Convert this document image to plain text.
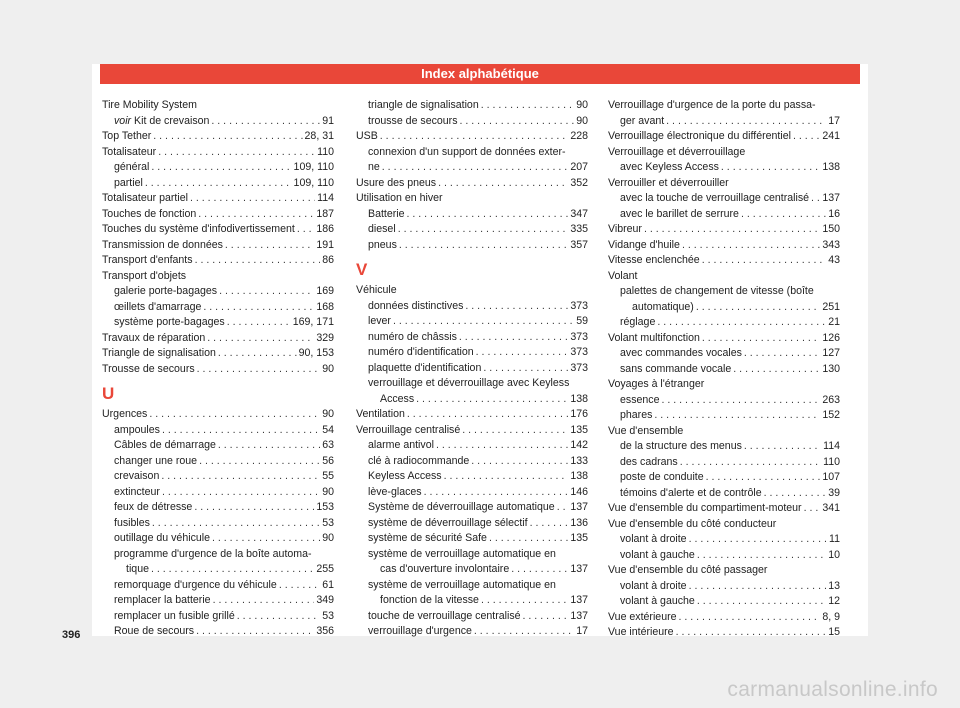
Index alphabétique
Tire Mobility System
voir Kit de crevaison . . .	91
Top Tether . . .	28, 31
Totalisateur . . .	110
général . . .	109, 110
partiel . . .	109, 110
Totalisateur partiel . . .	114
Touches de fonction . . .	187
Touches du système d'infodivertissement . . . 186
Transmission de données . . .	191
Transport d'enfants . . .	86
Transport d'objets
galerie porte-bagages . . .	169
œillets d'amarrage . . .	168
système porte-bagages . . .	169, 171
Travaux de réparation . . .	329
Triangle de signalisation . . .	90, 153
Trousse de secours . . .	90
U
Urgences . . .	90
ampoules . . .	54
Câbles de démarrage . . .	63
changer une roue . . .	56
crevaison . . .	55
extincteur . . .	90
feux de détresse . . .	153
fusibles . . .	53
outillage du véhicule . . .	90
programme d'urgence de la boîte automa-
tique . . .	255
remorquage d'urgence du véhicule . . .	61
remplacer la batterie . . .	349
remplacer un fusible grillé . . .	53
Roue de secours . . .	356
triangle de signalisation . . .	90
trousse de secours . . .	90
USB . . .	228
connexion d'un support de données exter-
ne . . .	207
Usure des pneus . . .	352
Utilisation en hiver
Batterie . . .	347
diesel . . .	335
pneus . . .	357
V
Véhicule
données distinctives . . .	373
lever . . .	59
numéro de châssis . . .	373
numéro d'identification . . .	373
plaquette d'identification . . .	373
verrouillage et déverrouillage avec Keyless
Access . . .	138
Ventilation . . .	176
Verrouillage centralisé . . .	135
alarme antivol . . .	142
clé à radiocommande . . .	133
Keyless Access . . .	138
lève-glaces . . .	146
Système de déverrouillage automatique . . . 137
système de déverrouillage sélectif . . .	136
système de sécurité Safe . . .	135
système de verrouillage automatique en
cas d'ouverture involontaire . . .	137
système de verrouillage automatique en
fonction de la vitesse . . .	137
touche de verrouillage centralisé . . .	137
verrouillage d'urgence . . .	17
Verrouillage d'urgence de la porte du passa-
ger avant . . .	17
Verrouillage électronique du différentiel . . .	241
Verrouillage et déverrouillage
avec Keyless Access . . .	138
Verrouiller et déverrouiller
avec la touche de verrouillage centralisé . . . 137
avec le barillet de serrure . . .	16
Vibreur . . .	150
Vidange d'huile . . .	343
Vitesse enclenchée . . .	43
Volant
palettes de changement de vitesse (boîte
automatique) . . .	251
réglage . . .	21
Volant multifonction . . .	126
avec commandes vocales . . .	127
sans commande vocale . . .	130
Voyages à l'étranger
essence . . .	263
phares . . .	152
Vue d'ensemble
de la structure des menus . . .	114
des cadrans . . .	110
poste de conduite . . .	107
témoins d'alerte et de contrôle . . .	39
Vue d'ensemble du compartiment-moteur . . . 341
Vue d'ensemble du côté conducteur
volant à droite . . .	11
volant à gauche . . .	10
Vue d'ensemble du côté passager
volant à droite . . .	13
volant à gauche . . .	12
Vue extérieure . . .	8, 9
Vue intérieure . . .	15
396
carmanualsonline.info
